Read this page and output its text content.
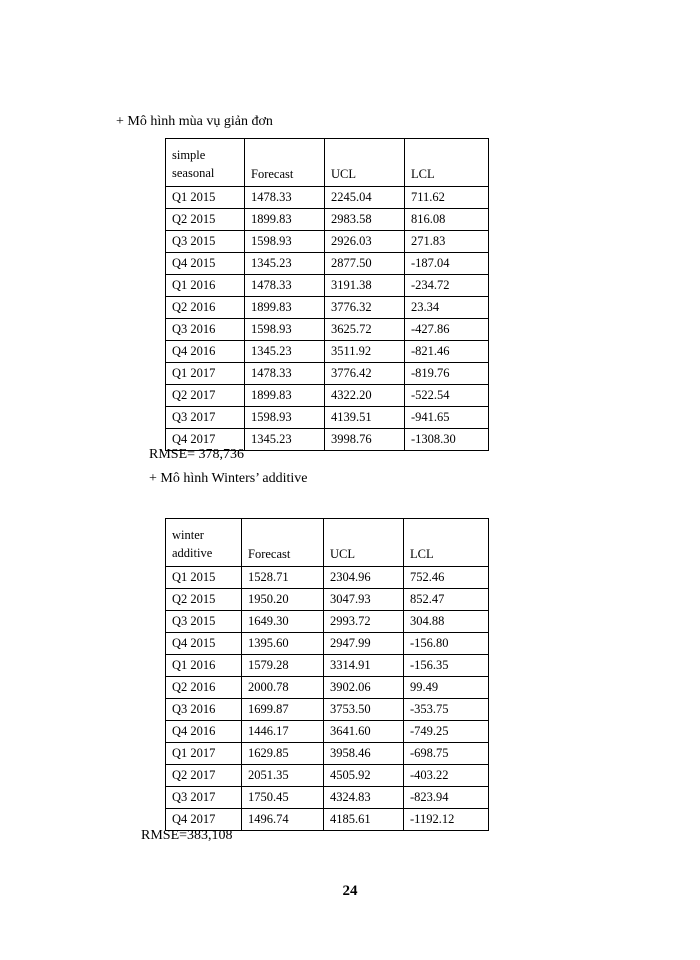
+ Mô hình mùa vụ giản đơn
simple
seasonal	Forecast	UCL	LCL
Q1 2015	1478.33	2245.04	711.62
Q2 2015	1899.83	2983.58	816.08
Q3 2015	1598.93	2926.03	271.83
Q4 2015	1345.23	2877.50	-187.04
Q1 2016	1478.33	3191.38	-234.72
Q2 2016	1899.83	3776.32	23.34
Q3 2016	1598.93	3625.72	-427.86
Q4 2016	1345.23	3511.92	-821.46
Q1 2017	1478.33	3776.42	-819.76
Q2 2017	1899.83	4322.20	-522.54
Q3 2017	1598.93	4139.51	-941.65
Q4 2017	1345.23	3998.76	-1308.30
RMSE= 378,736
+ Mô hình Winters’ additive
winter
additive	Forecast	UCL	LCL
Q1 2015	1528.71	2304.96	752.46
Q2 2015	1950.20	3047.93	852.47
Q3 2015	1649.30	2993.72	304.88
Q4 2015	1395.60	2947.99	-156.80
Q1 2016	1579.28	3314.91	-156.35
Q2 2016	2000.78	3902.06	99.49
Q3 2016	1699.87	3753.50	-353.75
Q4 2016	1446.17	3641.60	-749.25
Q1 2017	1629.85	3958.46	-698.75
Q2 2017	2051.35	4505.92	-403.22
Q3 2017	1750.45	4324.83	-823.94
Q4 2017	1496.74	4185.61	-1192.12
RMSE=383,108
24
